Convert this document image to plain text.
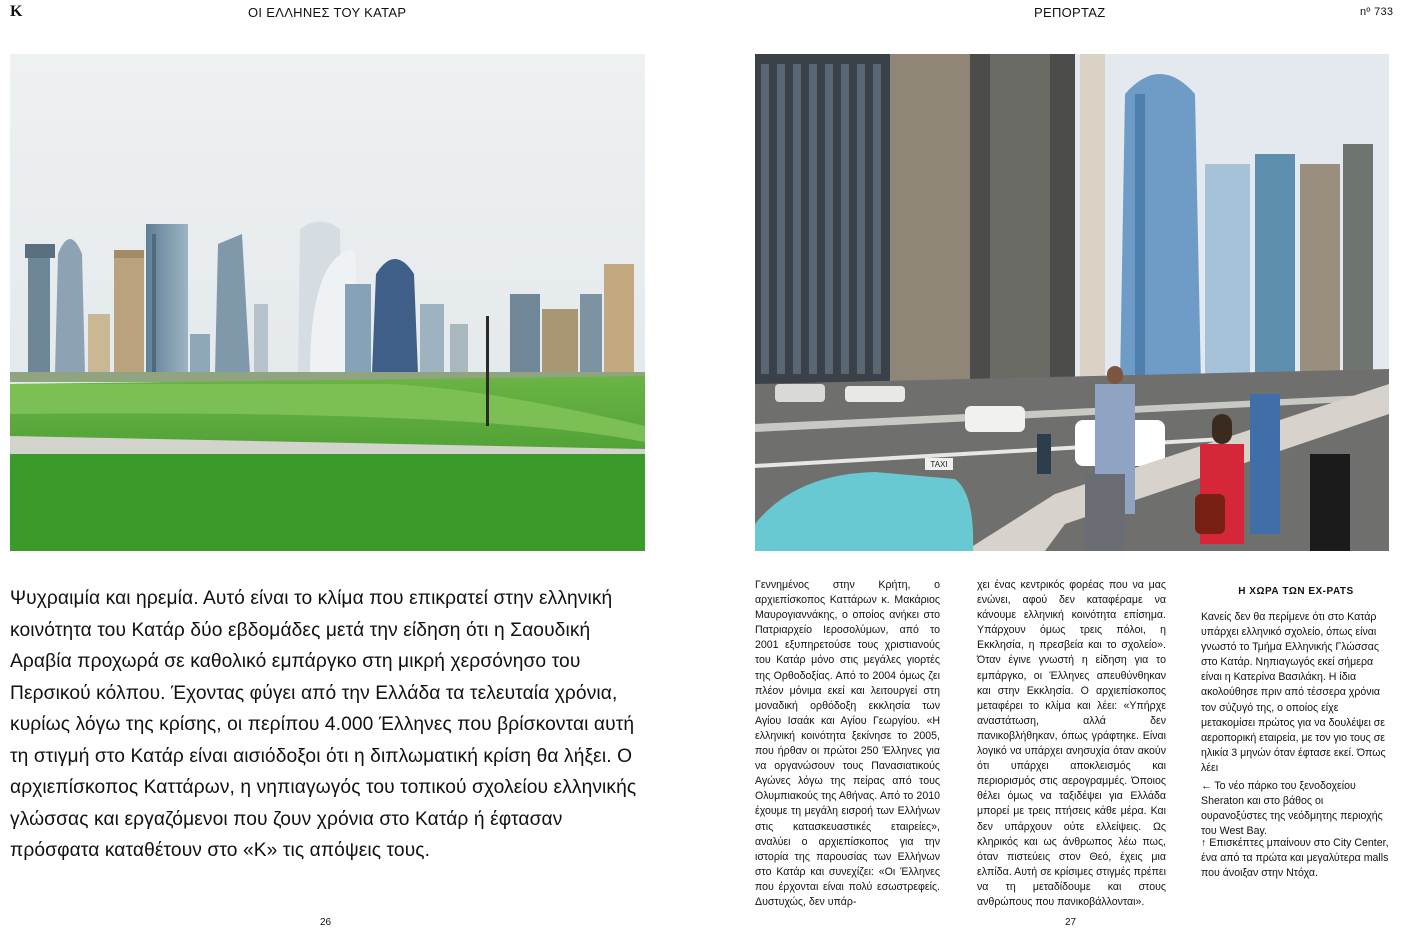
K	ΟΙ ΕΛΛΗΝΕΣ ΤΟΥ ΚΑΤΑΡ	ΡΕΠΟΡΤΑΖ	nº 733
TAXI
Ψυχραιμία και ηρεμία. Αυτό είναι το κλίμα που επικρατεί στην ελληνική κοινότητα του Κατάρ δύο εβδομάδες μετά την είδηση ότι η Σαουδική Αραβία προχωρά σε καθολικό εμπάργκο στη μικρή χερσόνησο του Περσικού κόλπου. Έχοντας φύγει από την Ελλάδα τα τελευταία χρόνια, κυρίως λόγω της κρίσης, οι περίπου 4.000 Έλληνες που βρίσκονται αυτή τη στιγμή στο Κατάρ είναι αισιόδοξοι ότι η διπλωματική κρίση θα λήξει. Ο αρχιεπίσκοπος Καττάρων, η νηπιαγωγός του τοπικού σχολείου ελληνικής γλώσσας και εργαζόμενοι που ζουν χρόνια στο Κατάρ ή έφτασαν πρόσφατα καταθέτουν στο «Κ» τις απόψεις τους.

Γεννημένος στην Κρήτη, ο αρχιεπίσκοπος Καττάρων κ. Μακάριος Μαυρογιαννάκης, ο οποίος ανήκει στο Πατριαρχείο Ιεροσολύμων, από το 2001 εξυπηρετούσε τους χριστιανούς του Κατάρ μόνο στις μεγάλες γιορτές της Ορθοδοξίας. Από το 2004 όμως ζει πλέον μόνιμα εκεί και λειτουργεί στη μοναδική ορθόδοξη εκκλησία των Αγίου Ισαάκ και Αγίου Γεωργίου. «Η ελληνική κοινότητα ξεκίνησε το 2005, που ήρθαν οι πρώτοι 250 Έλληνες για να οργανώσουν τους Πανασιατικούς Αγώνες λόγω της πείρας από τους Ολυμπιακούς της Αθήνας. Από το 2010 έχουμε τη μεγάλη εισροή των Ελλήνων στις κατασκευαστικές εταιρείες», αναλύει ο αρχιεπίσκοπος για την ιστορία της παρουσίας των Ελλήνων στο Κατάρ και συνεχίζει: «Οι Έλληνες που έρχονται είναι πολύ εσωστρεφείς. Δυστυχώς, δεν υπάρ-

χει ένας κεντρικός φορέας που να μας ενώνει, αφού δεν καταφέραμε να κάνουμε ελληνική κοινότητα επίσημα. Υπάρχουν όμως τρεις πόλοι, η Εκκλησία, η πρεσβεία και το σχολείο». Όταν έγινε γνωστή η είδηση για το εμπάργκο, οι Έλληνες απευθύνθηκαν και στην Εκκλησία. Ο αρχιεπίσκοπος μεταφέρει το κλίμα και λέει: «Υπήρχε αναστάτωση, αλλά δεν πανικοβλήθηκαν, όπως γράφτηκε. Είναι λογικό να υπάρχει ανησυχία όταν ακούν ότι υπάρχει αποκλεισμός και περιορισμός στις αερογραμμές. Όποιος θέλει όμως να ταξιδέψει για Ελλάδα μπορεί με τρεις πτήσεις κάθε μέρα. Και δεν υπάρχουν ούτε ελλείψεις. Ως κληρικός και ως άνθρωπος λέω πως, όταν πιστεύεις στον Θεό, έχεις μια ελπίδα. Αυτή σε κρίσιμες στιγμές πρέπει να τη μεταδίδουμε και στους ανθρώπους που πανικοβάλλονται».

Η ΧΩΡΑ ΤΩΝ EX-PATS
Κανείς δεν θα περίμενε ότι στο Κατάρ υπάρχει ελληνικό σχολείο, όπως είναι γνωστό το Τμήμα Ελληνικής Γλώσσας στο Κατάρ. Νηπιαγωγός εκεί σήμερα είναι η Κατερίνα Βασιλάκη. Η ίδια ακολούθησε πριν από τέσσερα χρόνια τον σύζυγό της, ο οποίος είχε μετακομίσει πρώτος για να δουλέψει σε αεροπορική εταιρεία, με τον γιο τους σε ηλικία 3 μηνών όταν έφτασε εκεί. Όπως λέει
← Το νέο πάρκο του ξενοδοχείου Sheraton και στο βάθος οι ουρανοξύστες της νεόδμητης περιοχής του West Bay.
↑ Επισκέπτες μπαίνουν στο City Center, ένα από τα πρώτα και μεγαλύτερα malls που άνοιξαν στην Ντόχα.
26	27
